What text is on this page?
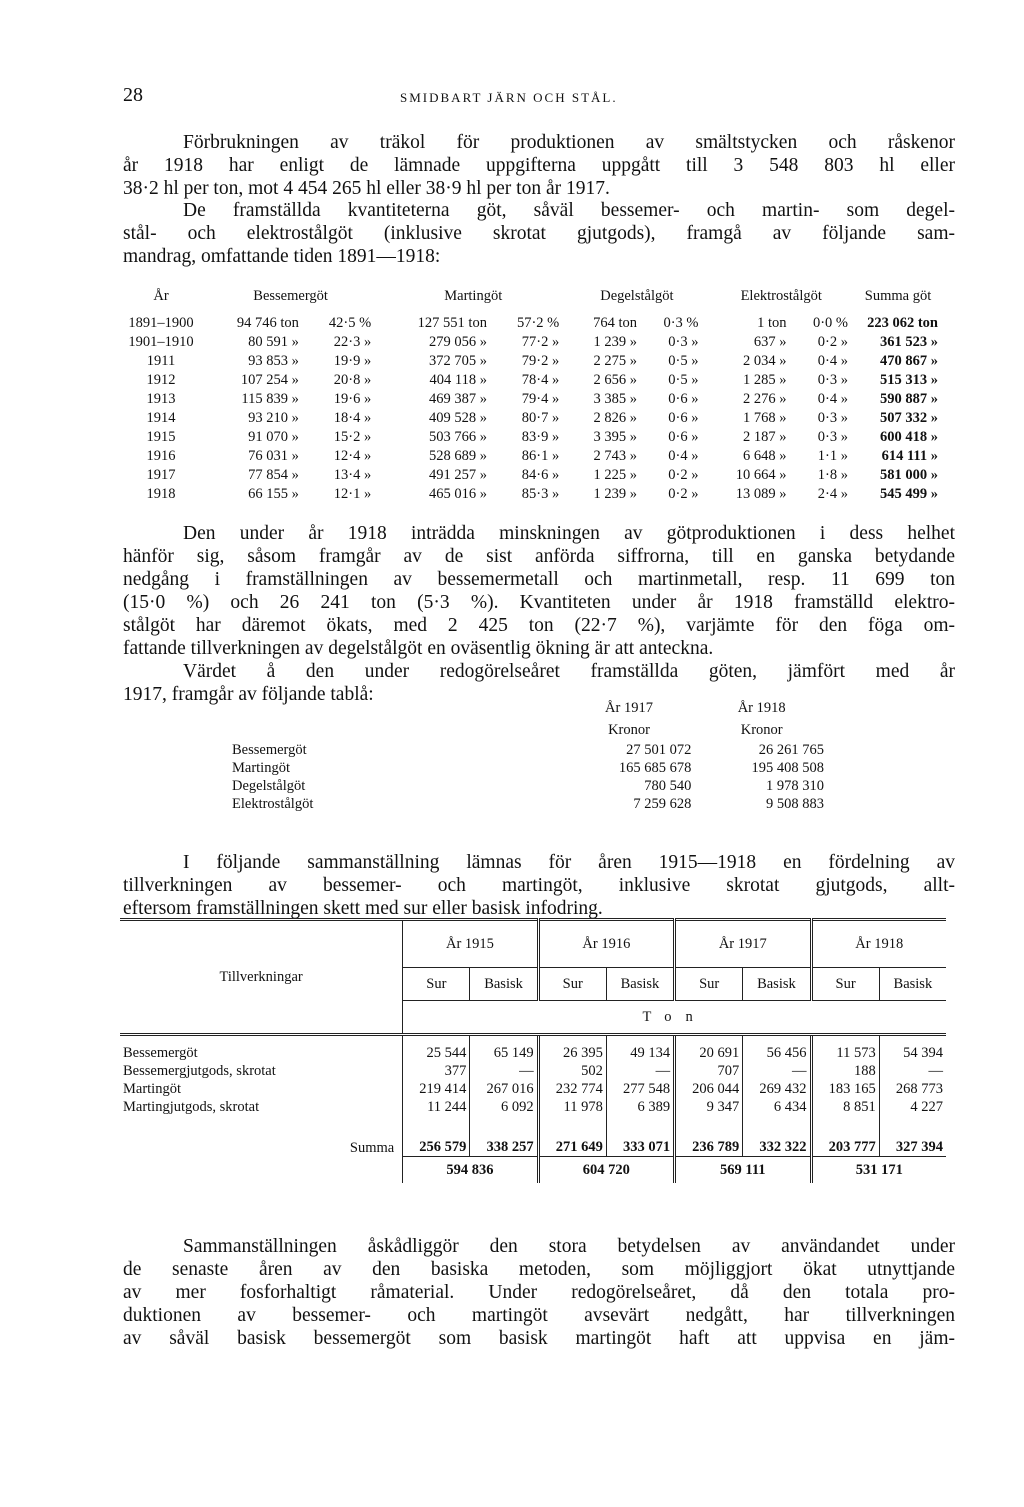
28	SMIDBART JÄRN OCH STÅL.

Förbrukningen av träkol för produktionen av smältstycken och råskenor
år 1918 har enligt de lämnade uppgifterna uppgått till 3 548 803 hl eller
38·2 hl per ton, mot 4 454 265 hl eller 38·9 hl per ton år 1917.

De framställda kvantiteterna göt, såväl bessemer- och martin- som degel-
stål- och elektrostålgöt (inklusive skrotat gjutgods), framgå av följande sam-
mandrag, omfattande tiden 1891—1918:

År	Bessemergöt		Martingöt		Degelstålgöt		Elektrostålgöt		Summa göt
1891–1900	94 746 ton	42·5 %	127 551 ton	57·2 %	764 ton	0·3 %	1 ton	0·0 %	223 062 ton
1901–1910	80 591 »	22·3 »	279 056 »	77·2 »	1 239 »	0·3 »	637 »	0·2 »	361 523 »
1911	93 853 »	19·9 »	372 705 »	79·2 »	2 275 »	0·5 »	2 034 »	0·4 »	470 867 »
1912	107 254 »	20·8 »	404 118 »	78·4 »	2 656 »	0·5 »	1 285 »	0·3 »	515 313 »
1913	115 839 »	19·6 »	469 387 »	79·4 »	3 385 »	0·6 »	2 276 »	0·4 »	590 887 »
1914	93 210 »	18·4 »	409 528 »	80·7 »	2 826 »	0·6 »	1 768 »	0·3 »	507 332 »
1915	91 070 »	15·2 »	503 766 »	83·9 »	3 395 »	0·6 »	2 187 »	0·3 »	600 418 »
1916	76 031 »	12·4 »	528 689 »	86·1 »	2 743 »	0·4 »	6 648 »	1·1 »	614 111 »
1917	77 854 »	13·4 »	491 257 »	84·6 »	1 225 »	0·2 »	10 664 »	1·8 »	581 000 »
1918	66 155 »	12·1 »	465 016 »	85·3 »	1 239 »	0·2 »	13 089 »	2·4 »	545 499 »

Den under år 1918 inträdda minskningen av götproduktionen i dess helhet
hänför sig, såsom framgår av de sist anförda siffrorna, till en ganska betydande
nedgång i framställningen av bessemermetall och martinmetall, resp. 11 699 ton
(15·0 %) och 26 241 ton (5·3 %). Kvantiteten under år 1918 framställd elektro-
stålgöt har däremot ökats, med 2 425 ton (22·7 %), varjämte för den föga om-
fattande tillverkningen av degelstålgöt en oväsentlig ökning är att anteckna.

Värdet å den under redogörelseåret framställda göten, jämfört med år
1917, framgår av följande tablå:

	År 1917	År 1918
	Kronor	Kronor
Bessemergöt	27 501 072	26 261 765
Martingöt	165 685 678	195 408 508
Degelstålgöt	780 540	1 978 310
Elektrostålgöt	7 259 628	9 508 883

I följande sammanställning lämnas för åren 1915—1918 en fördelning av
tillverkningen av bessemer- och martingöt, inklusive skrotat gjutgods, allt-
eftersom framställningen skett med sur eller basisk infodring.

Tillverkningar	År 1915		År 1916		År 1917		År 1918	
	Sur	Basisk	Sur	Basisk	Sur	Basisk	Sur	Basisk
	Ton							
Bessemergöt	25 544	65 149	26 395	49 134	20 691	56 456	11 573	54 394
Bessemergjutgods, skrotat	377	—	502	—	707	—	188	—
Martingöt	219 414	267 016	232 774	277 548	206 044	269 432	183 165	268 773
Martingjutgods, skrotat	11 244	6 092	11 978	6 389	9 347	6 434	8 851	4 227
Summa	256 579	338 257	271 649	333 071	236 789	332 322	203 777	327 394
	594 836		604 720		569 111		531 171	

Sammanställningen åskådliggör den stora betydelsen av användandet under
de senaste åren av den basiska metoden, som möjliggjort ökat utnyttjande
av mer fosforhaltigt råmaterial. Under redogörelseåret, då den totala pro-
duktionen av bessemer- och martingöt avsevärt nedgått, har tillverkningen
av såväl basisk bessemergöt som basisk martingöt haft att uppvisa en jäm-
